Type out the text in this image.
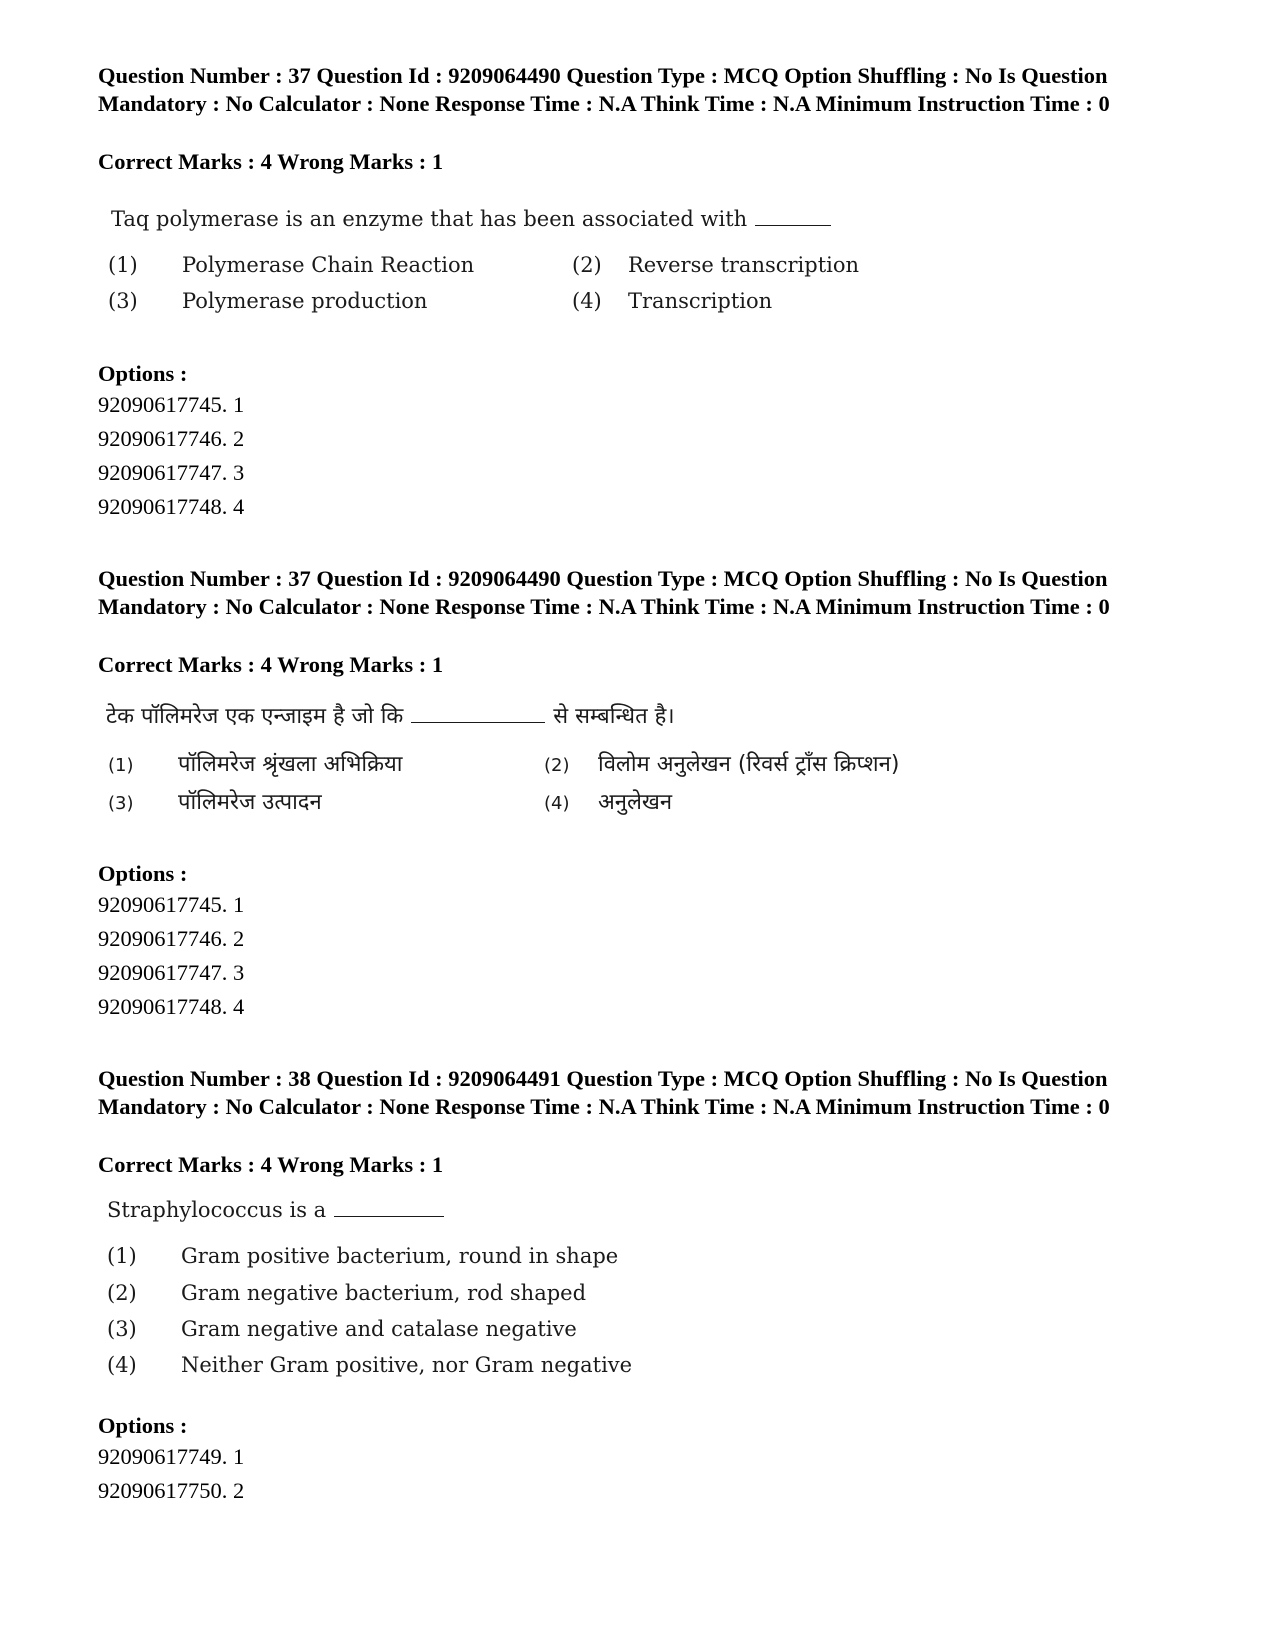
Question Number : 37 Question Id : 9209064490 Question Type : MCQ Option Shuffling : No Is Question Mandatory : No Calculator : None Response Time : N.A Think Time : N.A Minimum Instruction Time : 0
Correct Marks : 4 Wrong Marks : 1
Taq polymerase is an enzyme that has been associated with
(1) Polymerase Chain Reaction	(2) Reverse transcription
(3) Polymerase production	(4) Transcription
Options :
92090617745. 1
92090617746. 2
92090617747. 3
92090617748. 4
Question Number : 37 Question Id : 9209064490 Question Type : MCQ Option Shuffling : No Is Question Mandatory : No Calculator : None Response Time : N.A Think Time : N.A Minimum Instruction Time : 0
Correct Marks : 4 Wrong Marks : 1
टेक पॉलिमरेज एक एन्जाइम है जो कि	से सम्बन्धित है।
(1) पॉलिमरेज श्रृंखला अभिक्रिया	(2) विलोम अनुलेखन (रिवर्स ट्राँस क्रिप्शन)
(3) पॉलिमरेज उत्पादन	(4) अनुलेखन
Options :
92090617745. 1
92090617746. 2
92090617747. 3
92090617748. 4
Question Number : 38 Question Id : 9209064491 Question Type : MCQ Option Shuffling : No Is Question Mandatory : No Calculator : None Response Time : N.A Think Time : N.A Minimum Instruction Time : 0
Correct Marks : 4 Wrong Marks : 1
Straphylococcus is a
(1) Gram positive bacterium, round in shape
(2) Gram negative bacterium, rod shaped
(3) Gram negative and catalase negative
(4) Neither Gram positive, nor Gram negative
Options :
92090617749. 1
92090617750. 2
